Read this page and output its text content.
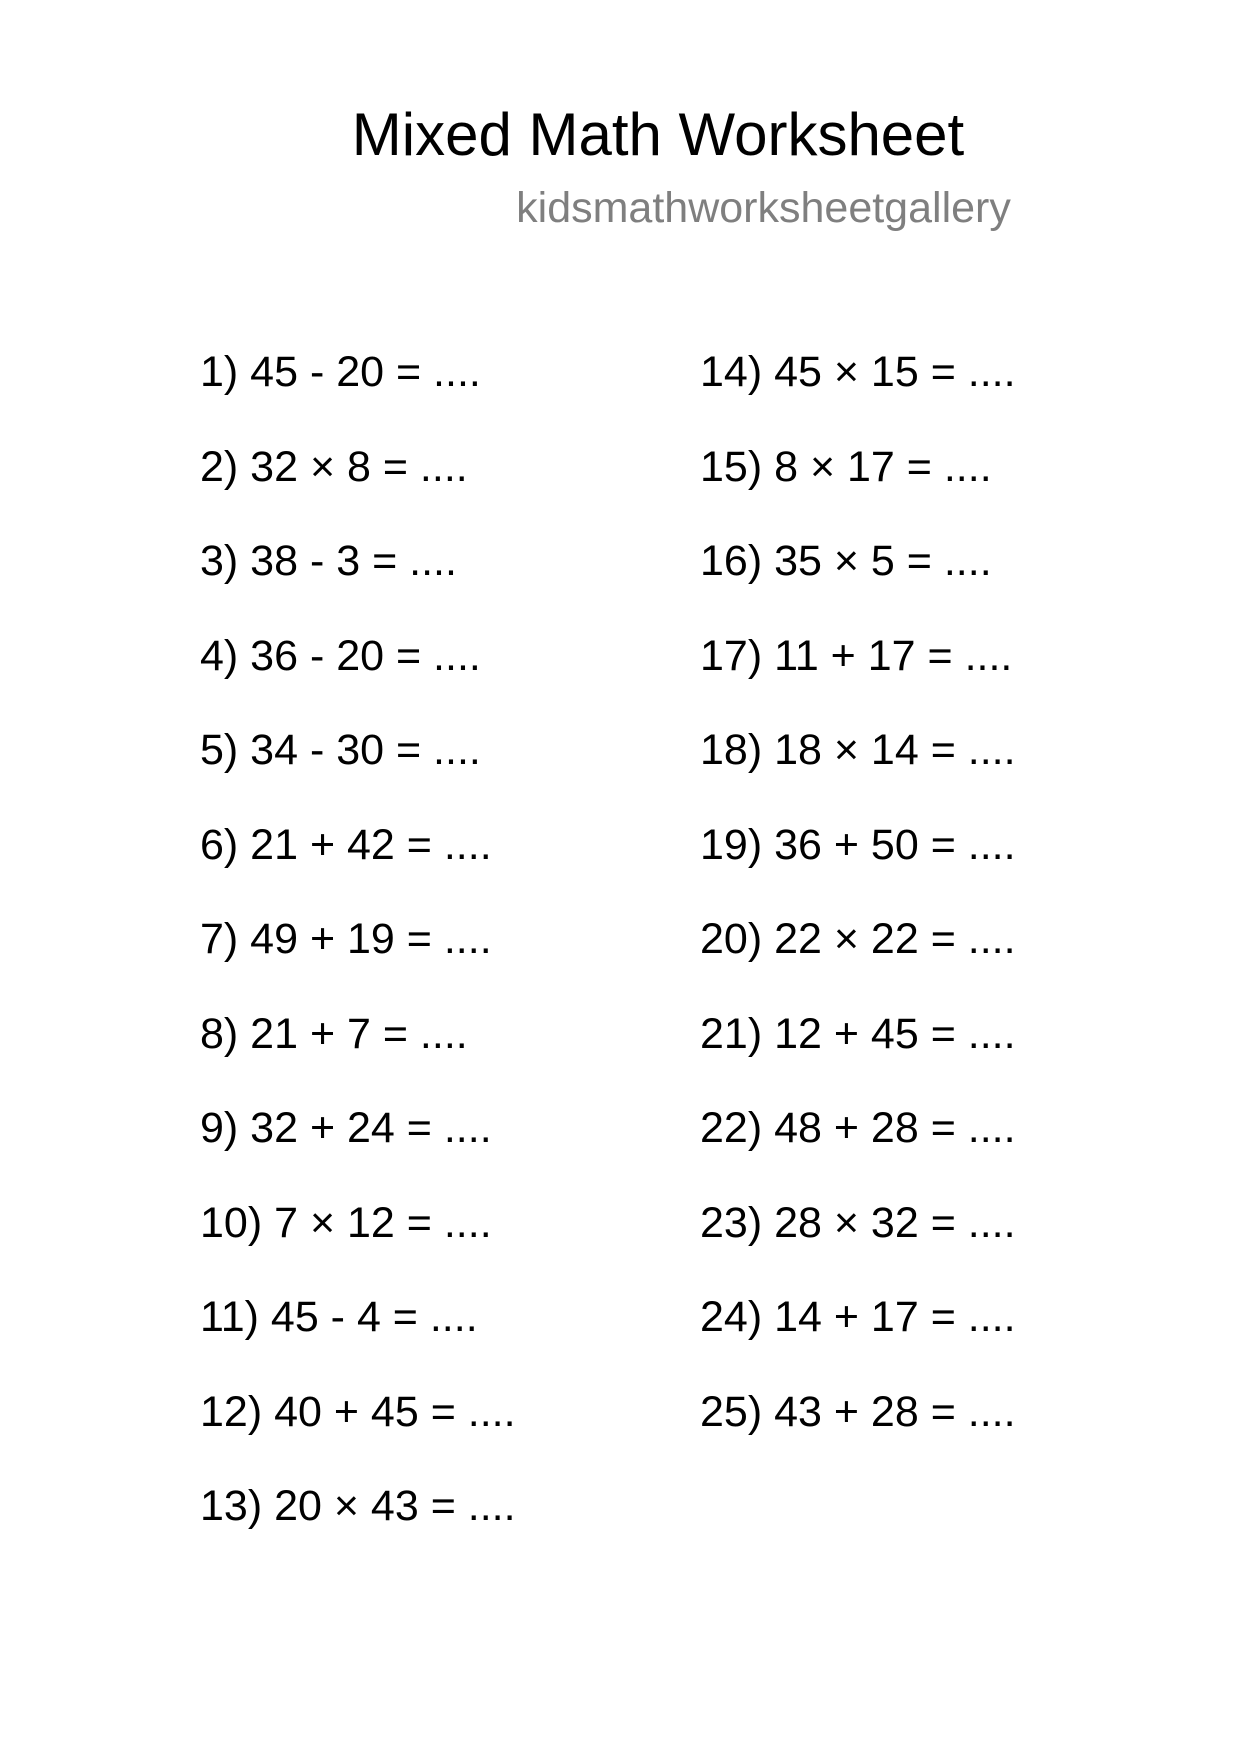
Mixed Math Worksheet
kidsmathworksheetgallery
1) 45 - 20 = ....
2) 32 × 8 = ....
3) 38 - 3 = ....
4) 36 - 20 = ....
5) 34 - 30 = ....
6) 21 + 42 = ....
7) 49 + 19 = ....
8) 21 + 7 = ....
9) 32 + 24 = ....
10) 7 × 12 = ....
11) 45 - 4 = ....
12) 40 + 45 = ....
13) 20 × 43 = ....
14) 45 × 15 = ....
15) 8 × 17 = ....
16) 35 × 5 = ....
17) 11 + 17 = ....
18) 18 × 14 = ....
19) 36 + 50 = ....
20) 22 × 22 = ....
21) 12 + 45 = ....
22) 48 + 28 = ....
23) 28 × 32 = ....
24) 14 + 17 = ....
25) 43 + 28 = ....
